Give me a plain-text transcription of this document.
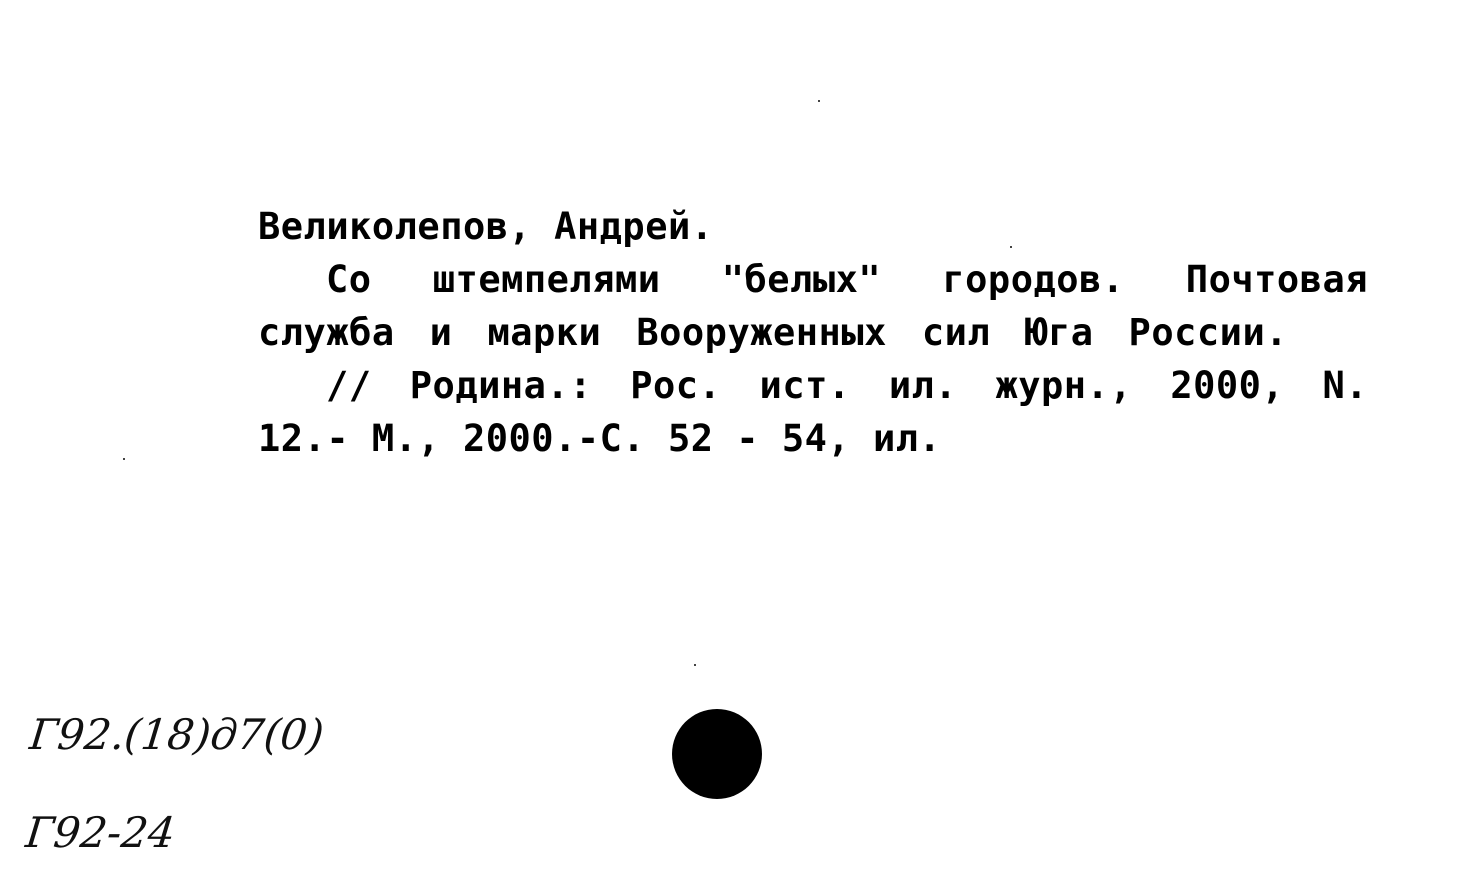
Великолепов, Андрей.
Со штемпелями "белых" городов. Почтовая
служба и марки Вооруженных сил Юга России.
// Родина.: Рос. ист. ил. журн., 2000, N.
12.- М., 2000.-С. 52 - 54, ил.
Г92.(18)д7(0)
Г92-24
